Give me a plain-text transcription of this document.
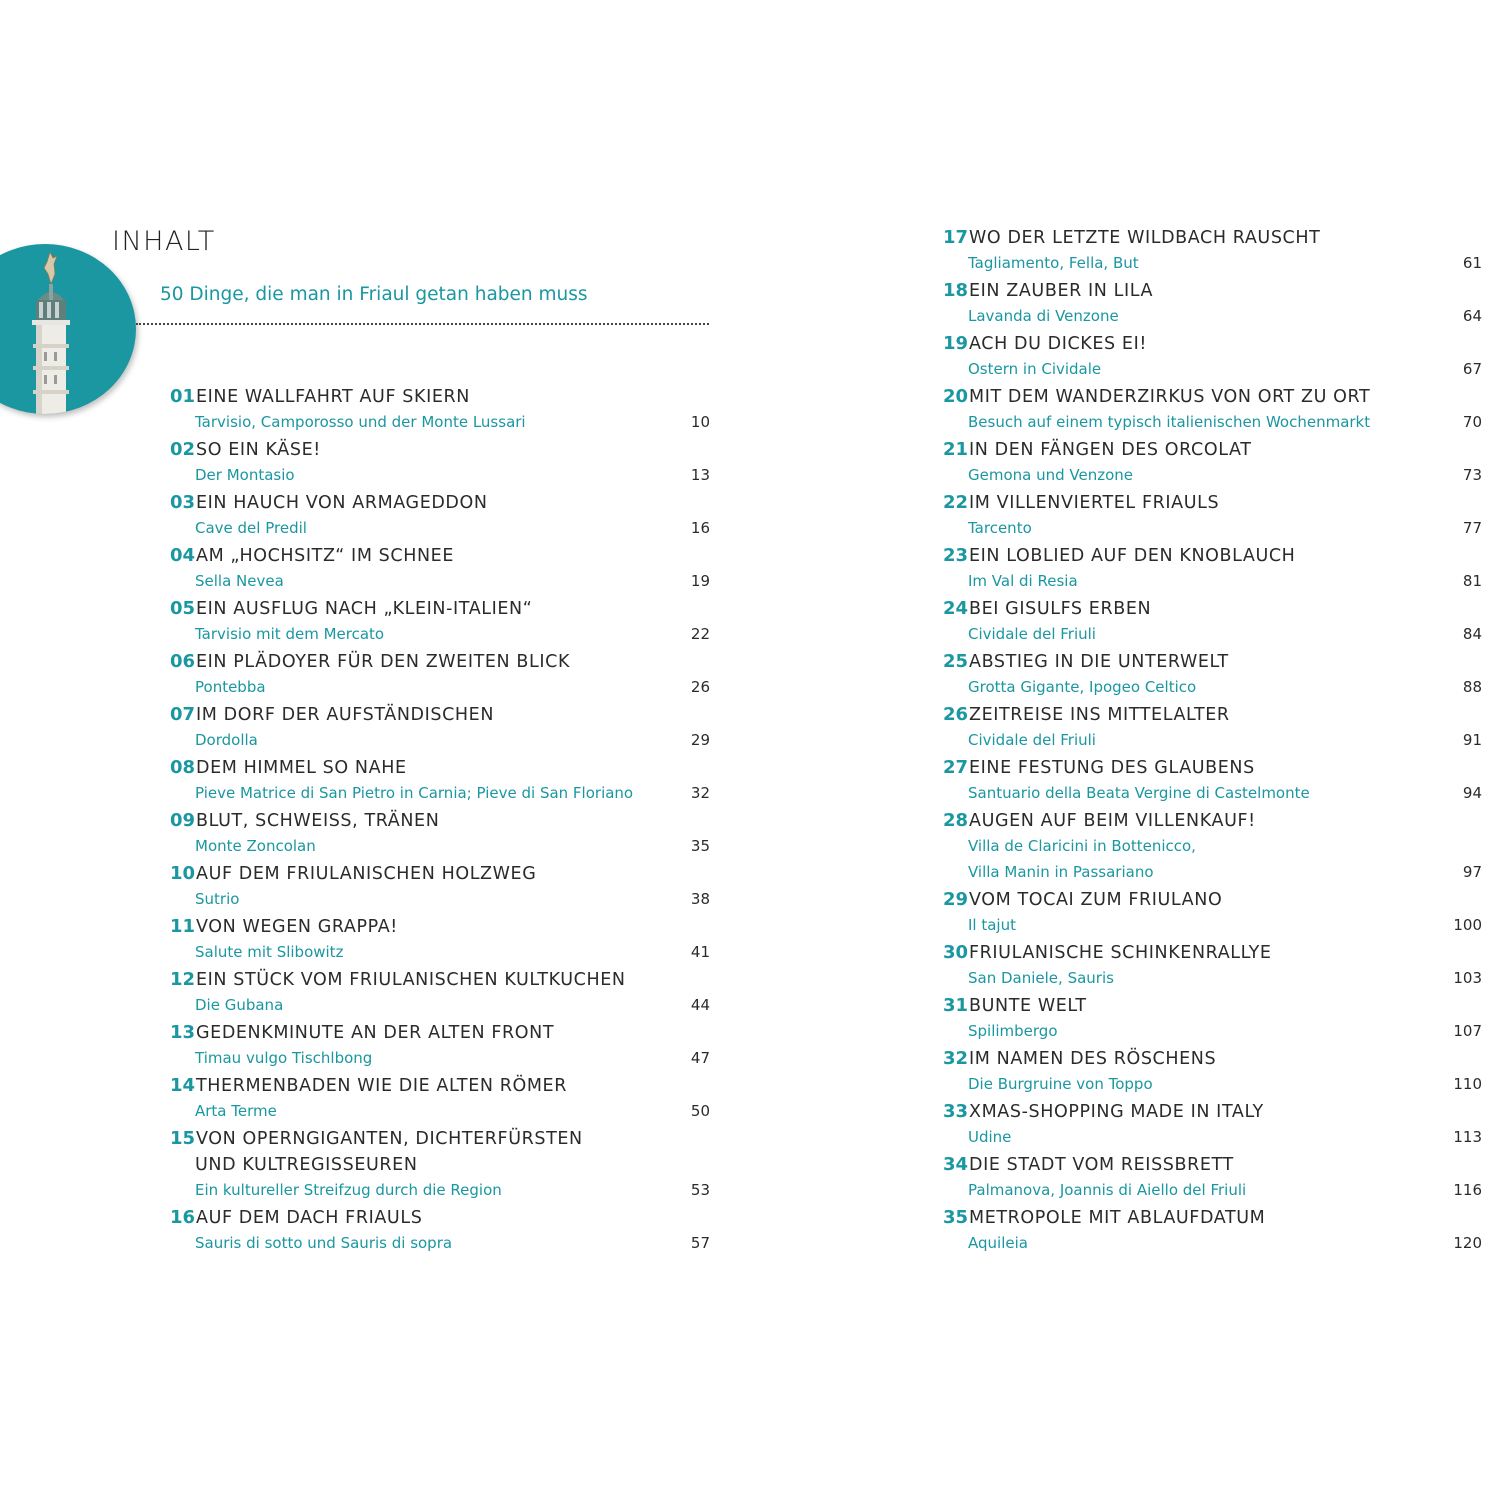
INHALT
50 Dinge, die man in Friaul getan haben muss
01 EINE WALLFAHRT AUF SKIERN
Tarvisio, Camporosso und der Monte Lussari	10
02 SO EIN KÄSE!
Der Montasio	13
03 EIN HAUCH VON ARMAGEDDON
Cave del Predil	16
04 AM „HOCHSITZ“ IM SCHNEE
Sella Nevea	19
05 EIN AUSFLUG NACH „KLEIN-ITALIEN“
Tarvisio mit dem Mercato	22
06 EIN PLÄDOYER FÜR DEN ZWEITEN BLICK
Pontebba	26
07 IM DORF DER AUFSTÄNDISCHEN
Dordolla	29
08 DEM HIMMEL SO NAHE
Pieve Matrice di San Pietro in Carnia; Pieve di San Floriano	32
09 BLUT, SCHWEISS, TRÄNEN
Monte Zoncolan	35
10 AUF DEM FRIULANISCHEN HOLZWEG
Sutrio	38
11 VON WEGEN GRAPPA!
Salute mit Slibowitz	41
12 EIN STÜCK VOM FRIULANISCHEN KULTKUCHEN
Die Gubana	44
13 GEDENKMINUTE AN DER ALTEN FRONT
Timau vulgo Tischlbong	47
14 THERMENBADEN WIE DIE ALTEN RÖMER
Arta Terme	50
15 VON OPERNGIGANTEN, DICHTERFÜRSTEN
UND KULTREGISSEUREN
Ein kultureller Streifzug durch die Region	53
16 AUF DEM DACH FRIAULS
Sauris di sotto und Sauris di sopra	57
17 WO DER LETZTE WILDBACH RAUSCHT
Tagliamento, Fella, But	61
18 EIN ZAUBER IN LILA
Lavanda di Venzone	64
19 ACH DU DICKES EI!
Ostern in Cividale	67
20 MIT DEM WANDERZIRKUS VON ORT ZU ORT
Besuch auf einem typisch italienischen Wochenmarkt	70
21 IN DEN FÄNGEN DES ORCOLAT
Gemona und Venzone	73
22 IM VILLENVIERTEL FRIAULS
Tarcento	77
23 EIN LOBLIED AUF DEN KNOBLAUCH
Im Val di Resia	81
24 BEI GISULFS ERBEN
Cividale del Friuli	84
25 ABSTIEG IN DIE UNTERWELT
Grotta Gigante, Ipogeo Celtico	88
26 ZEITREISE INS MITTELALTER
Cividale del Friuli	91
27 EINE FESTUNG DES GLAUBENS
Santuario della Beata Vergine di Castelmonte	94
28 AUGEN AUF BEIM VILLENKAUF!
Villa de Claricini in Bottenicco,
Villa Manin in Passariano	97
29 VOM TOCAI ZUM FRIULANO
Il tajut	100
30 FRIULANISCHE SCHINKENRALLYE
San Daniele, Sauris	103
31 BUNTE WELT
Spilimbergo	107
32 IM NAMEN DES RÖSCHENS
Die Burgruine von Toppo	110
33 XMAS-SHOPPING MADE IN ITALY
Udine	113
34 DIE STADT VOM REISSBRETT
Palmanova, Joannis di Aiello del Friuli	116
35 METROPOLE MIT ABLAUFDATUM
Aquileia	120
